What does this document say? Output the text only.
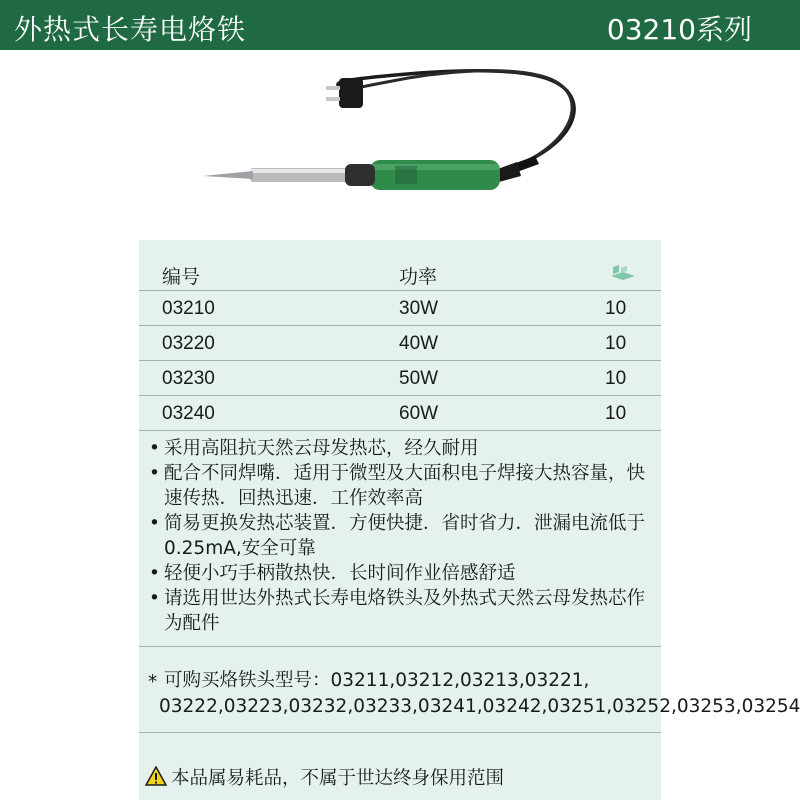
外热式长寿电烙铁	03210系列
编号	功率
03210	30W	10
03220	40W	10
03230	50W	10
03240	60W	10
• 采用高阻抗天然云母发热芯，经久耐用
• 配合不同焊嘴．适用于微型及大面积电子焊接大热容量，快速传热．回热迅速．工作效率高
• 简易更换发热芯装置．方便快捷．省时省力．泄漏电流低于0.25mA,安全可靠
• 轻便小巧手柄散热快．长时间作业倍感舒适
• 请选用世达外热式长寿电烙铁头及外热式天然云母发热芯作为配件
* 可购买烙铁头型号：03211,03212,03213,03221,
03222,03223,03232,03233,03241,03242,03251,03252,03253,03254
本品属易耗品，不属于世达终身保用范围
